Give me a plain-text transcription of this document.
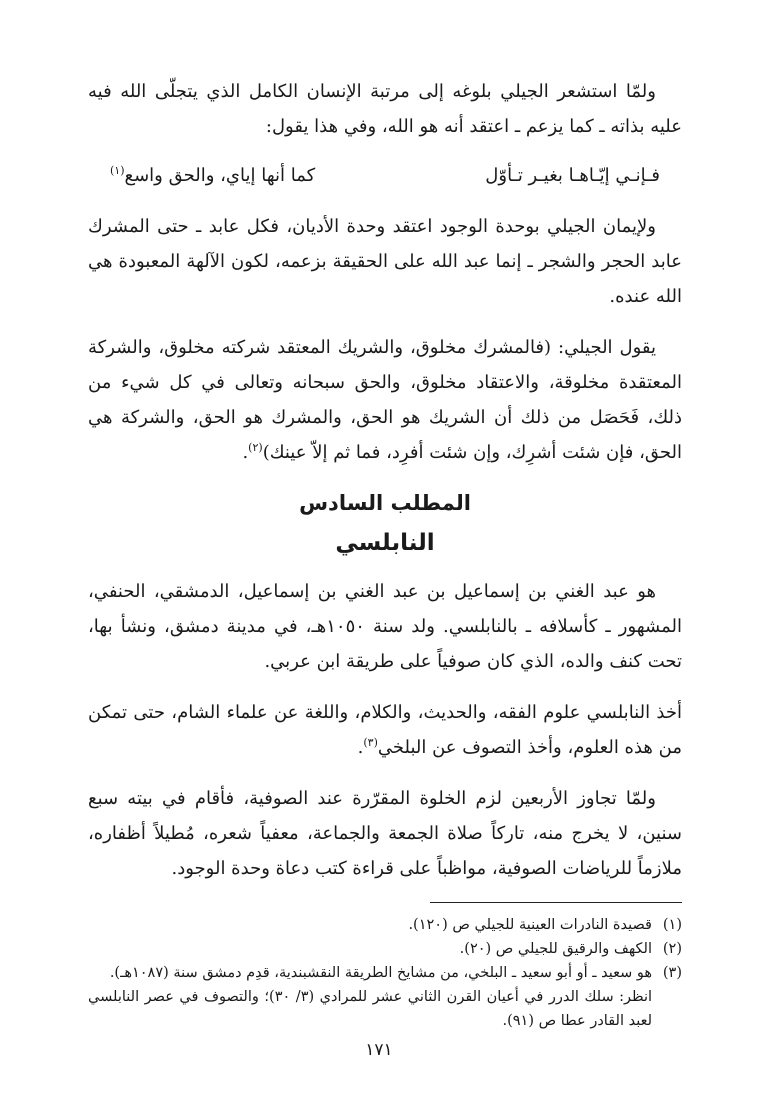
ولمّا استشعر الجيلي بلوغه إلى مرتبة الإنسان الكامل الذي يتجلّى الله فيه عليه بذاته ـ كما يزعم ـ اعتقد أنه هو الله، وفي هذا يقول:

فـإنـي إيّـاهـا بغيـر تـأوّل
كما أنها إياي، والحق واسع$^{(١)}$

ولإيمان الجيلي بوحدة الوجود اعتقد وحدة الأديان، فكل عابد ـ حتى المشرك عابد الحجر والشجر ـ إنما عبد الله على الحقيقة بزعمه، لكون الآلهة المعبودة هي الله عنده.

يقول الجيلي: (فالمشرك مخلوق، والشريك المعتقد شركته مخلوق، والشركة المعتقدة مخلوقة، والاعتقاد مخلوق، والحق سبحانه وتعالى في كل شيء من ذلك، فَحَصَل من ذلك أن الشريك هو الحق، والمشرك هو الحق، والشركة هي الحق، فإن شئت أشرِك، وإن شئت أفرِد، فما ثم إلاّ عينك)$^{(٢)}$.

المطلب السادس
النابلسي

هو عبد الغني بن إسماعيل بن عبد الغني بن إسماعيل، الدمشقي، الحنفي، المشهور ـ كأسلافه ـ بالنابلسي. ولد سنة ١٠٥٠هـ، في مدينة دمشق، ونشأ بها، تحت كنف والده، الذي كان صوفياً على طريقة ابن عربي.

أخذ النابلسي علوم الفقه، والحديث، والكلام، واللغة عن علماء الشام، حتى تمكن من هذه العلوم، وأخذ التصوف عن البلخي$^{(٣)}$.

ولمّا تجاوز الأربعين لزم الخلوة المقرّرة عند الصوفية، فأقام في بيته سبع سنين، لا يخرج منه، تاركاً صلاة الجمعة والجماعة، معفياً شعره، مُطيلاً أظفاره، ملازماً للرياضات الصوفية، مواظباً على قراءة كتب دعاة وحدة الوجود.

(١)
قصيدة النادرات العينية للجيلي ص (١٢٠).
(٢)
الكهف والرقيق للجيلي ص (٢٠).
(٣)
هو سعيد ـ أو أبو سعيد ـ البلخي، من مشايخ الطريقة النقشبندية، قدِم دمشق سنة (١٠٨٧هـ).
انظر: سلك الدرر في أعيان القرن الثاني عشر للمرادي (٣/ ٣٠)؛ والتصوف في عصر النابلسي لعبد القادر عطا ص (٩١).
١٧١
